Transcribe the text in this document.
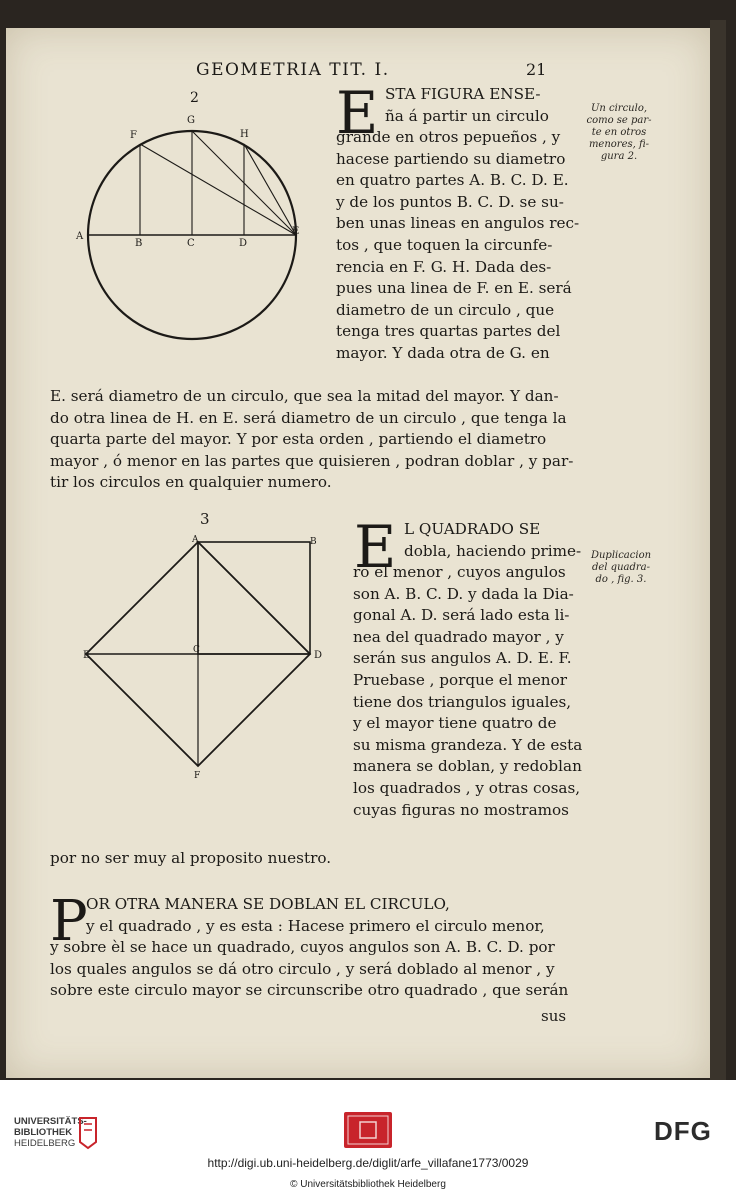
GEOMETRIA TIT. I.	21
2
A
B	C	D
E
F
G
H E STA FIGURA ENSE-
ña á partir un circulo
grande en otros pepueños , y
hacese partiendo su diametro
en quatro partes A. B. C. D. E.
y de los puntos B. C. D. se su-
ben unas lineas en angulos rec-
tos , que toquen la circunfe-
rencia en F. G. H. Dada des-
pues una linea de F. en E. será
diametro de un circulo , que
tenga tres quartas partes del
mayor. Y dada otra de G. en
E. será diametro de un circulo, que sea la mitad del mayor. Y dan-
do otra linea de H. en E. será diametro de un circulo , que tenga la
quarta parte del mayor. Y por esta orden , partiendo el diametro
mayor , ó menor en las partes que quisieren , podran doblar , y par-
tir los circulos en qualquier numero.
Un circulo,
como se par-
te en otros
menores, fi-
gura 2.
3
A	B
C	D
E
F
E L QUADRADO SE
dobla, haciendo prime-
ro el menor , cuyos angulos
son A. B. C. D. y dada la Dia-
gonal A. D. será lado esta li-
nea del quadrado mayor , y
serán sus angulos A. D. E. F.
Pruebase , porque el menor
tiene dos triangulos iguales,
y el mayor tiene quatro de
su misma grandeza. Y de esta
manera se doblan, y redoblan
los quadrados , y otras cosas,
cuyas figuras no mostramos
por no ser muy al proposito nuestro.
Duplicacion
del quadra-
do , fig. 3.
P
OR OTRA MANERA SE DOBLAN EL CIRCULO,
y el quadrado , y es esta : Hacese primero el circulo menor,
y sobre èl se hace un quadrado, cuyos angulos son A. B. C. D. por
los quales angulos se dá otro circulo , y será doblado al menor , y
sobre este circulo mayor se circunscribe otro quadrado , que serán
sus
UNIVERSITÄTS-
BIBLIOTHEK
HEIDELBERG	DFG
http://digi.ub.uni-heidelberg.de/diglit/arfe_villafane1773/0029
© Universitätsbibliothek Heidelberg
